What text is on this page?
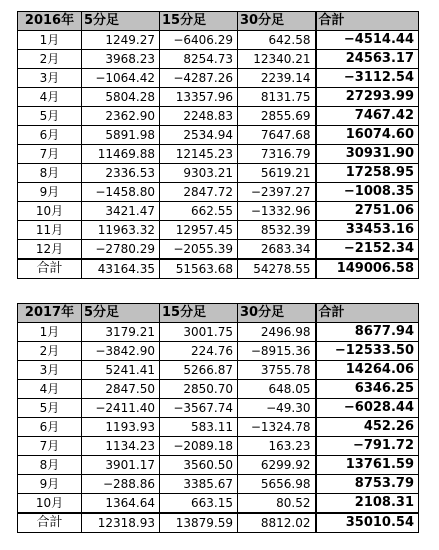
2016年	5分足	15分足	30分足	合計
1月	1249.27	−6406.29	642.58	−4514.44
2月	3968.23	8254.73	12340.21	24563.17
3月	−1064.42	−4287.26	2239.14	−3112.54
4月	5804.28	13357.96	8131.75	27293.99
5月	2362.90	2248.83	2855.69	7467.42
6月	5891.98	2534.94	7647.68	16074.60
7月	11469.88	12145.23	7316.79	30931.90
8月	2336.53	9303.21	5619.21	17258.95
9月	−1458.80	2847.72	−2397.27	−1008.35
10月	3421.47	662.55	−1332.96	2751.06
11月	11963.32	12957.45	8532.39	33453.16
12月	−2780.29	−2055.39	2683.34	−2152.34
合計	43164.35	51563.68	54278.55	149006.58
2017年	5分足	15分足	30分足	合計
1月	3179.21	3001.75	2496.98	8677.94
2月	−3842.90	224.76	−8915.36	−12533.50
3月	5241.41	5266.87	3755.78	14264.06
4月	2847.50	2850.70	648.05	6346.25
5月	−2411.40	−3567.74	−49.30	−6028.44
6月	1193.93	583.11	−1324.78	452.26
7月	1134.23	−2089.18	163.23	−791.72
8月	3901.17	3560.50	6299.92	13761.59
9月	−288.86	3385.67	5656.98	8753.79
10月	1364.64	663.15	80.52	2108.31
合計	12318.93	13879.59	8812.02	35010.54
